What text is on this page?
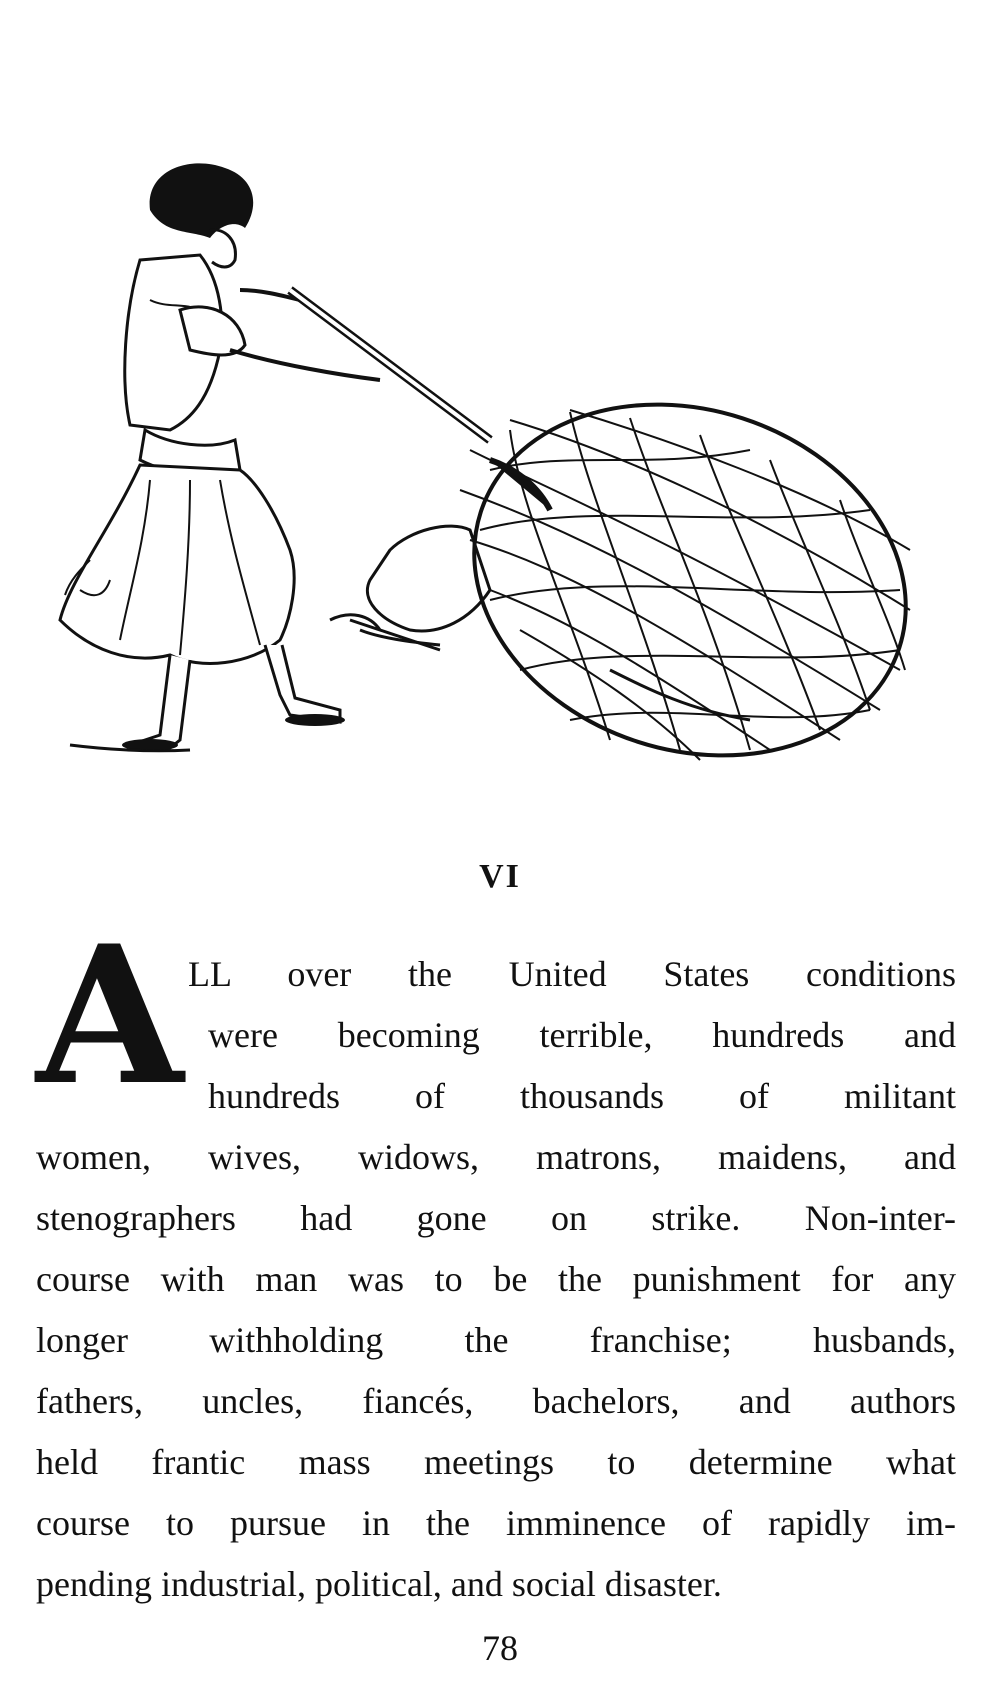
VI
A LL over the United States conditions
were becoming terrible, hundreds and
hundreds of thousands of militant
women, wives, widows, matrons, maidens, and
stenographers had gone on strike. Non-inter-
course with man was to be the punishment for any
longer withholding the franchise; husbands,
fathers, uncles, fiancés, bachelors, and authors
held frantic mass meetings to determine what
course to pursue in the imminence of rapidly im-
pending industrial, political, and social disaster.
78
